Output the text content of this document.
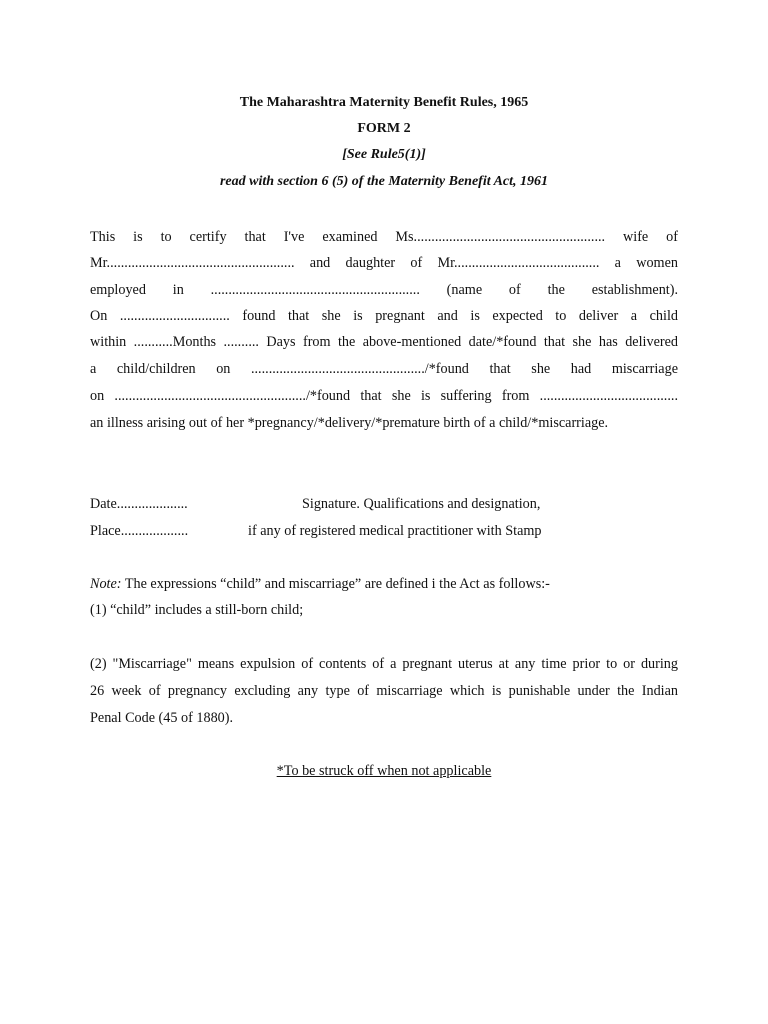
The Maharashtra Maternity Benefit Rules, 1965
FORM 2
[See Rule5(1)]
read with section 6 (5) of the Maternity Benefit Act, 1961
This is to certify that I've examined Ms...................................................... wife of
Mr..................................................... and daughter of Mr......................................... a women
employed in ........................................................... (name of the establishment).
On ............................... found that she is pregnant and is expected to deliver a child
within ...........Months .......... Days from the above-mentioned date/*found that she has delivered
a child/children on ................................................./*found that she had miscarriage
on ....................................................../*found that she is suffering from .......................................
an illness arising out of her *pregnancy/*delivery/*premature birth of a child/*miscarriage.
Date....................	Signature. Qualifications and designation,
Place...................	if any of registered medical practitioner with Stamp
Note: The expressions “child” and miscarriage” are defined i the Act as follows:-
(1) “child” includes a still-born child;
(2) "Miscarriage" means expulsion of contents of a pregnant uterus at any time prior to or during
26 week of pregnancy excluding any type of miscarriage which is punishable under the Indian
Penal Code (45 of 1880).
*To be struck off when not applicable
